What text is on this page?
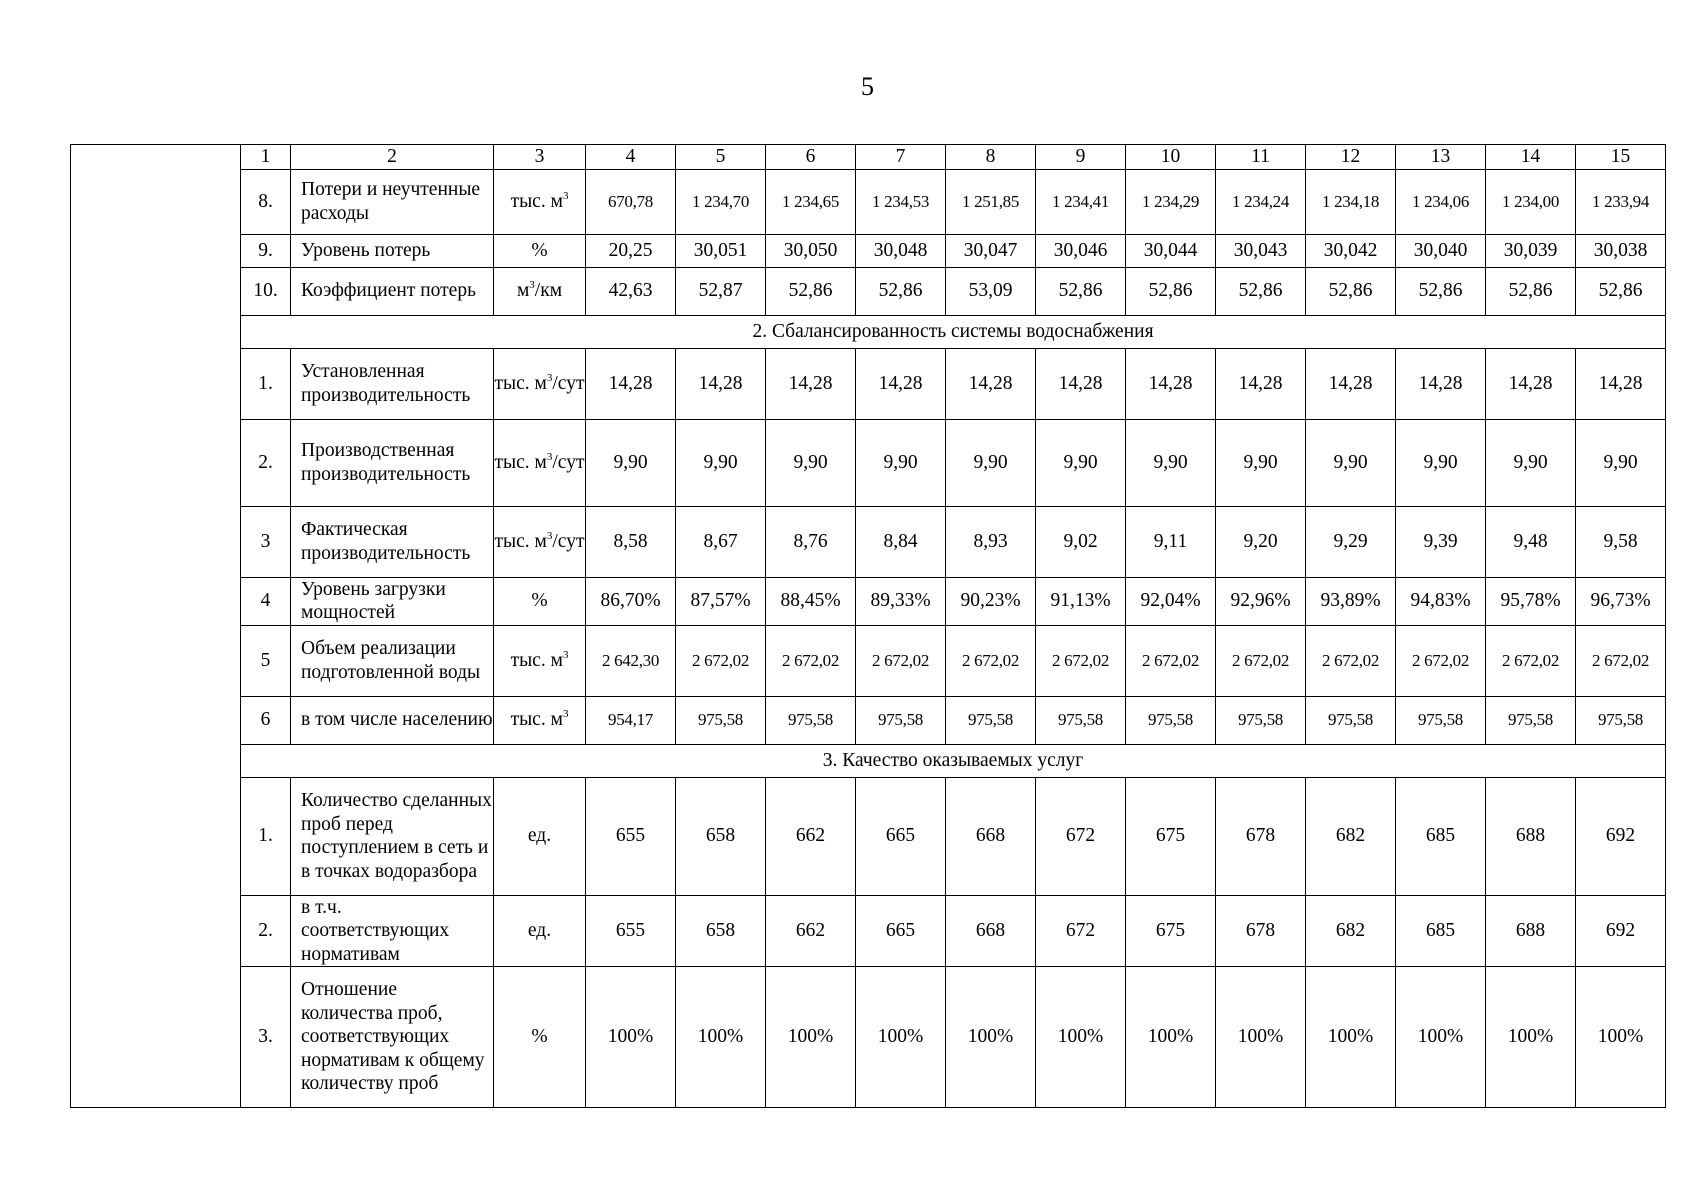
5
	1	2	3	4	5	6	7	8	9	10	11	12	13	14	15
	8.	Потери и неучтенные расходы	тыс. $м^3$	670,78	1 234,70	1 234,65	1 234,53	1 251,85	1 234,41	1 234,29	1 234,24	1 234,18	1 234,06	1 234,00	1 233,94
	9.	Уровень потерь	%	20,25	30,051	30,050	30,048	30,047	30,046	30,044	30,043	30,042	30,040	30,039	30,038
	10.	Коэффициент потерь	$м^3/км$	42,63	52,87	52,86	52,86	53,09	52,86	52,86	52,86	52,86	52,86	52,86	52,86
	2. Сбалансированность системы водоснабжения														
	1.	Установленная производительность	тыс. $м^3$/сут	14,28	14,28	14,28	14,28	14,28	14,28	14,28	14,28	14,28	14,28	14,28	14,28
	2.	Производственная производительность	тыс. $м^3$/сут	9,90	9,90	9,90	9,90	9,90	9,90	9,90	9,90	9,90	9,90	9,90	9,90
	3	Фактическая производительность	тыс. $м^3$/сут	8,58	8,67	8,76	8,84	8,93	9,02	9,11	9,20	9,29	9,39	9,48	9,58
	4	Уровень загрузки мощностей	%	86,70%	87,57%	88,45%	89,33%	90,23%	91,13%	92,04%	92,96%	93,89%	94,83%	95,78%	96,73%
	5	Объем реализации подготовленной воды	тыс. $м^3$	2 642,30	2 672,02	2 672,02	2 672,02	2 672,02	2 672,02	2 672,02	2 672,02	2 672,02	2 672,02	2 672,02	2 672,02
	6	в том числе населению	тыс. $м^3$	954,17	975,58	975,58	975,58	975,58	975,58	975,58	975,58	975,58	975,58	975,58	975,58
	3. Качество оказываемых услуг														
	1.	Количество сделанных проб перед поступлением в сеть и в точках водоразбора	ед.	655	658	662	665	668	672	675	678	682	685	688	692
	2.	в т.ч. соответствующих нормативам	ед.	655	658	662	665	668	672	675	678	682	685	688	692
	3.	Отношение количества проб, соответствующих нормативам к общему количеству проб	%	100%	100%	100%	100%	100%	100%	100%	100%	100%	100%	100%	100%
